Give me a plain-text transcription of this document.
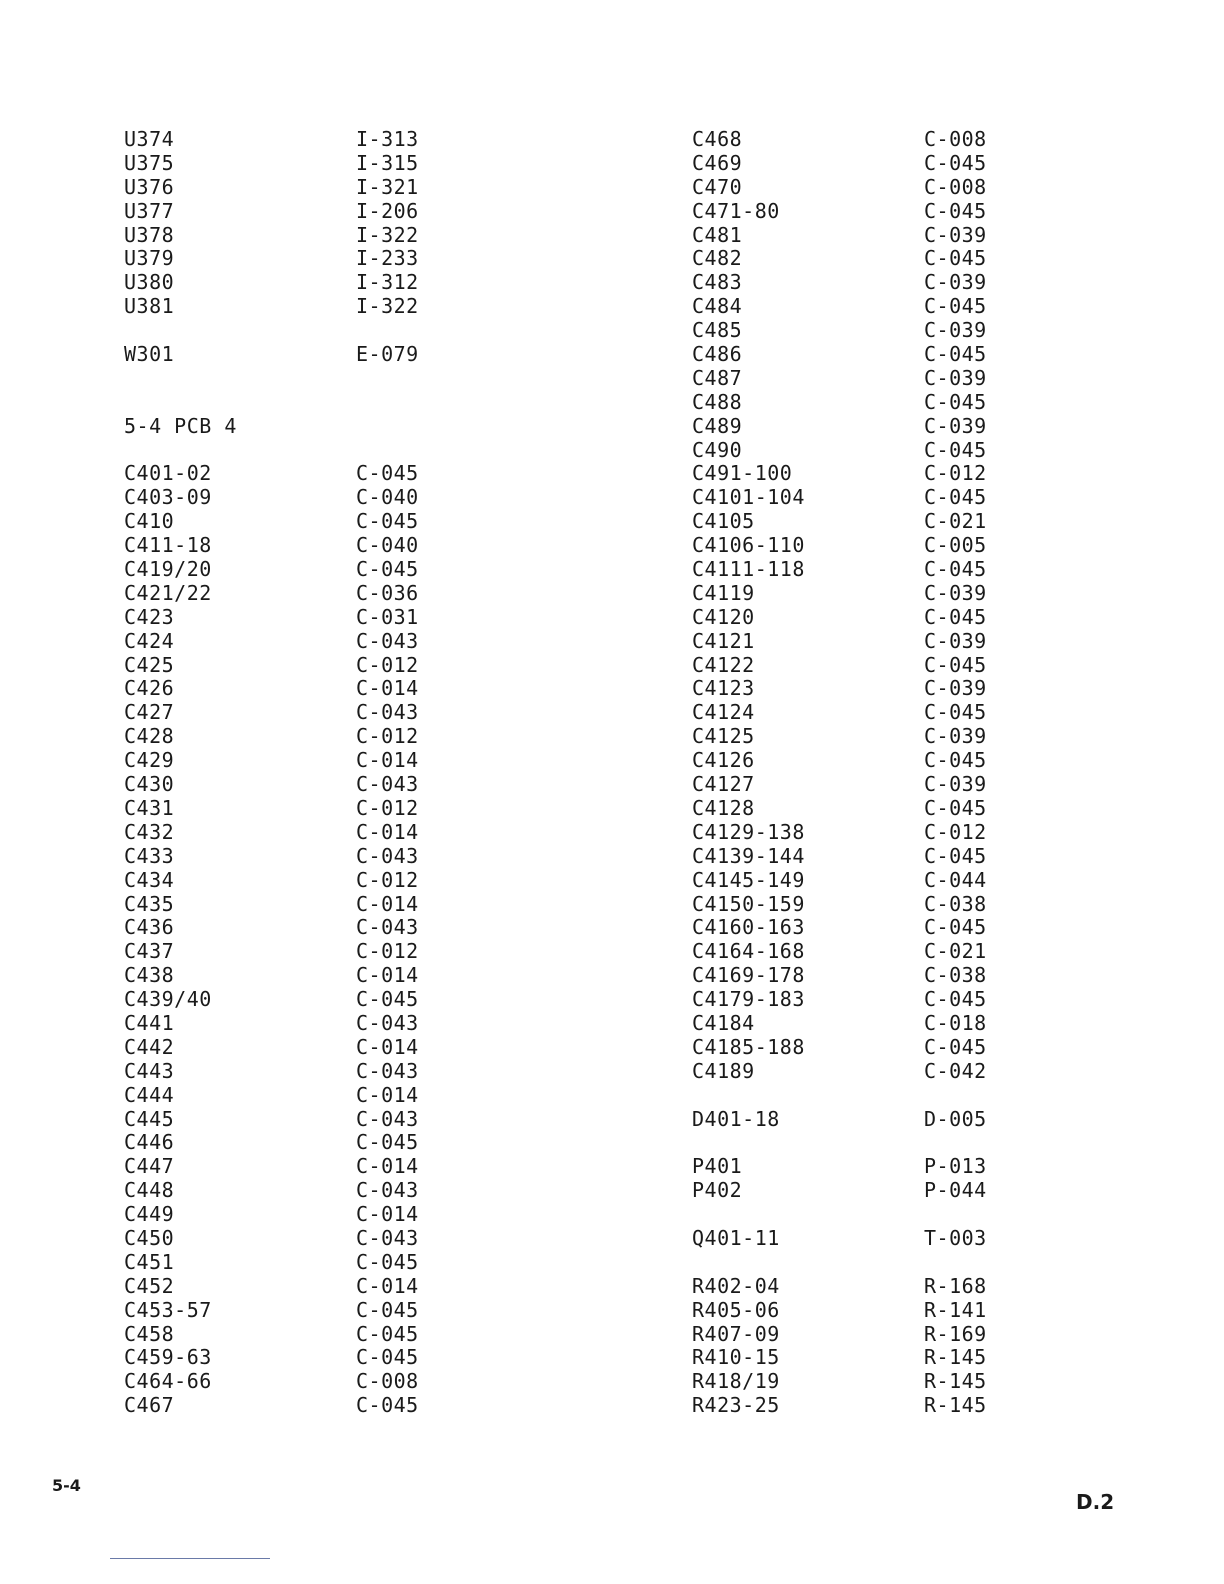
U374	I-313
U375	I-315
U376	I-321
U377	I-206
U378	I-322
U379	I-233
U380	I-312
U381	I-322
W301	E-079
5-4 PCB 4
C401-02	C-045
C403-09	C-040
C410	C-045
C411-18	C-040
C419/20	C-045
C421/22	C-036
C423	C-031
C424	C-043
C425	C-012
C426	C-014
C427	C-043
C428	C-012
C429	C-014
C430	C-043
C431	C-012
C432	C-014
C433	C-043
C434	C-012
C435	C-014
C436	C-043
C437	C-012
C438	C-014
C439/40	C-045
C441	C-043
C442	C-014
C443	C-043
C444	C-014
C445	C-043
C446	C-045
C447	C-014
C448	C-043
C449	C-014
C450	C-043
C451	C-045
C452	C-014
C453-57	C-045
C458	C-045
C459-63	C-045
C464-66	C-008
C467	C-045
C468	C-008
C469	C-045
C470	C-008
C471-80	C-045
C481	C-039
C482	C-045
C483	C-039
C484	C-045
C485	C-039
C486	C-045
C487	C-039
C488	C-045
C489	C-039
C490	C-045
C491-100	C-012
C4101-104	C-045
C4105	C-021
C4106-110	C-005
C4111-118	C-045
C4119	C-039
C4120	C-045
C4121	C-039
C4122	C-045
C4123	C-039
C4124	C-045
C4125	C-039
C4126	C-045
C4127	C-039
C4128	C-045
C4129-138	C-012
C4139-144	C-045
C4145-149	C-044
C4150-159	C-038
C4160-163	C-045
C4164-168	C-021
C4169-178	C-038
C4179-183	C-045
C4184	C-018
C4185-188	C-045
C4189	C-042
D401-18	D-005
P401	P-013
P402	P-044
Q401-11	T-003
R402-04	R-168
R405-06	R-141
R407-09	R-169
R410-15	R-145
R418/19	R-145
R423-25	R-145
5-4
D.2
